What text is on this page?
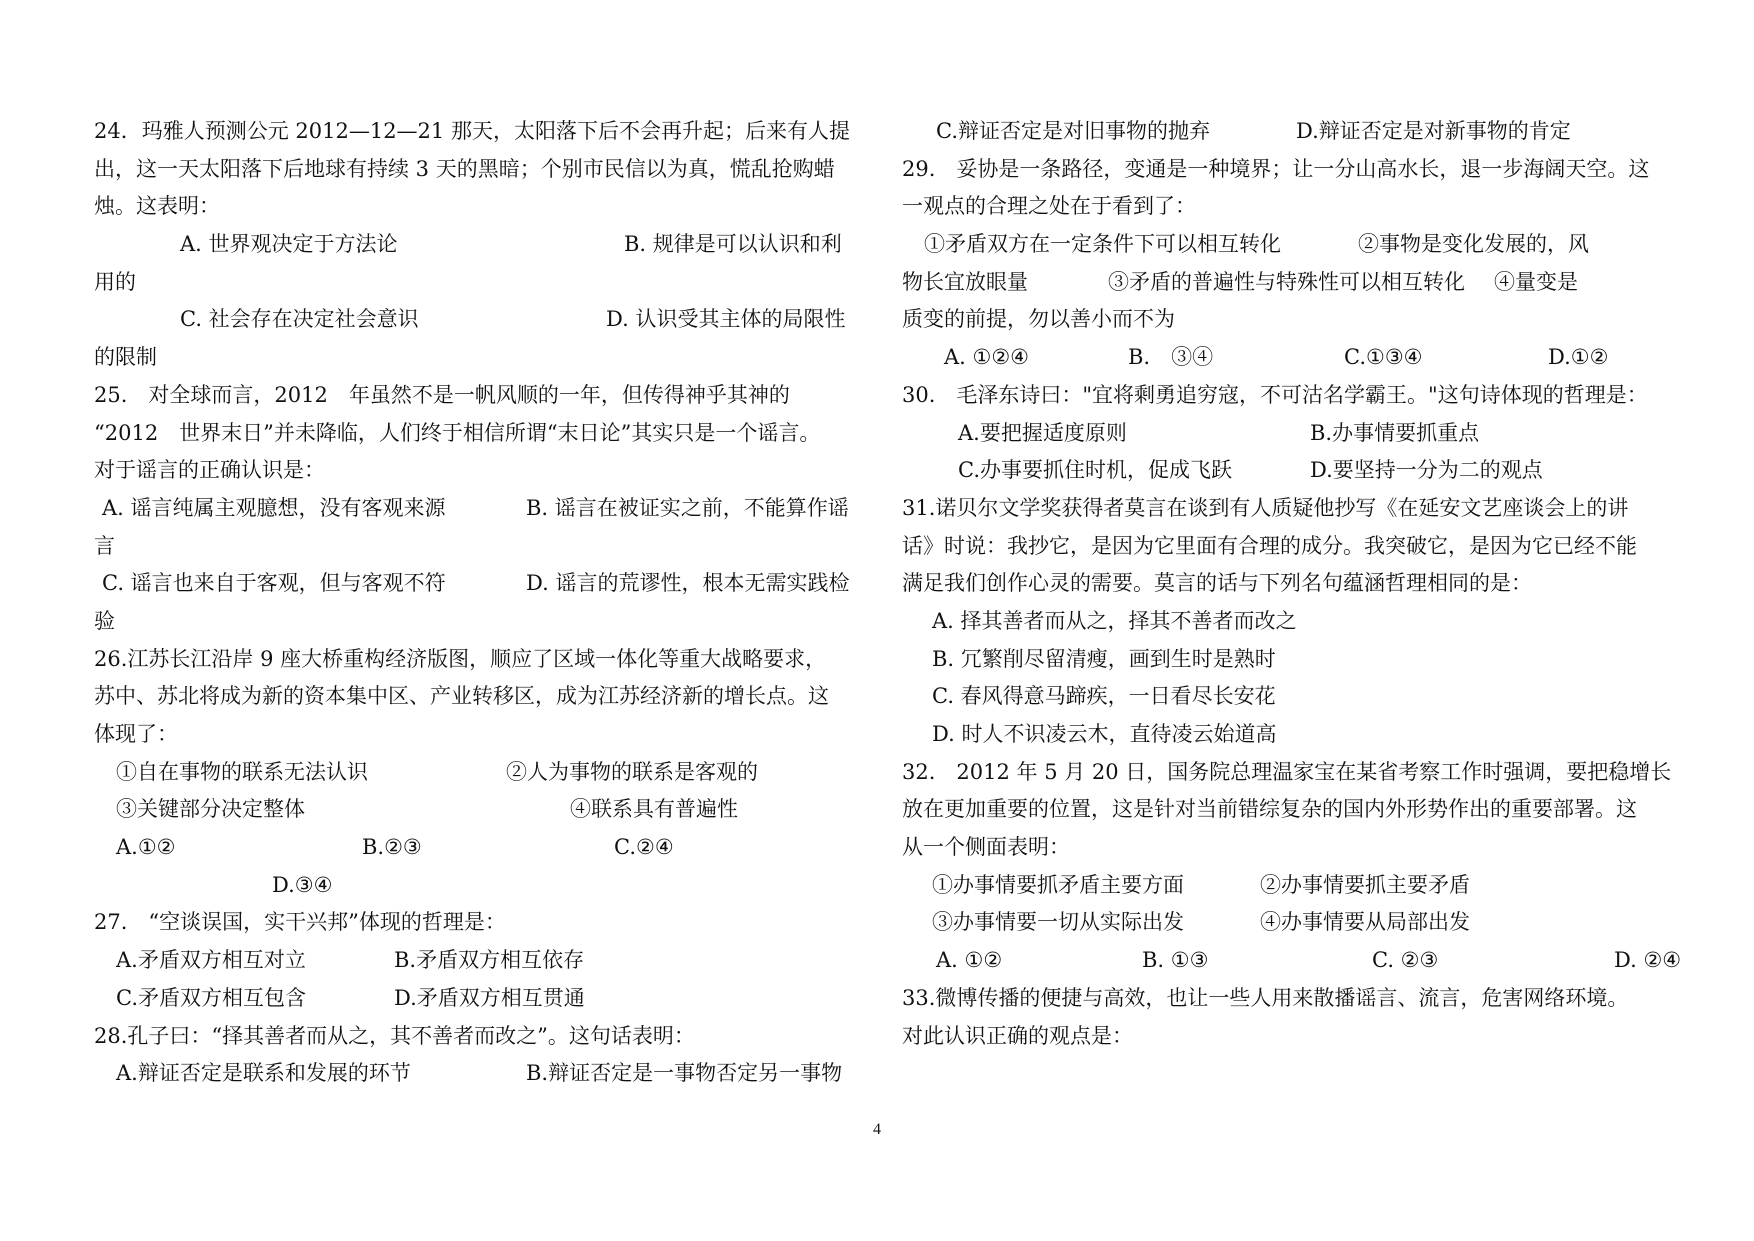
24．玛雅人预测公元 2012—12—21 那天，太阳落下后不会再升起；后来有人提
出，这一天太阳落下后地球有持续 3 天的黑暗；个别市民信以为真，慌乱抢购蜡
烛。这表明：
A. 世界观决定于方法论	B. 规律是可以认识和利
用的
C. 社会存在决定社会意识	D. 认识受其主体的局限性
的限制
25.　对全球而言，2012　年虽然不是一帆风顺的一年，但传得神乎其神的
“2012　世界末日”并未降临，人们终于相信所谓“末日论”其实只是一个谣言。
对于谣言的正确认识是：
A. 谣言纯属主观臆想，没有客观来源	B. 谣言在被证实之前，不能算作谣
言
C. 谣言也来自于客观，但与客观不符	D. 谣言的荒谬性，根本无需实践检
验
26.江苏长江沿岸 9 座大桥重构经济版图，顺应了区域一体化等重大战略要求，
苏中、苏北将成为新的资本集中区、产业转移区，成为江苏经济新的增长点。这
体现了：
①自在事物的联系无法认识	②人为事物的联系是客观的
③关键部分决定整体	④联系具有普遍性
A.①②	B.②③	C.②④
D.③④
27.　“空谈误国，实干兴邦”体现的哲理是：
A.矛盾双方相互对立	B.矛盾双方相互依存
C.矛盾双方相互包含	D.矛盾双方相互贯通
28.孔子曰：“择其善者而从之，其不善者而改之”。这句话表明：
A.辩证否定是联系和发展的环节	B.辩证否定是一事物否定另一事物
C.辩证否定是对旧事物的抛弃	D.辩证否定是对新事物的肯定
29.　妥协是一条路径，变通是一种境界；让一分山高水长，退一步海阔天空。这
一观点的合理之处在于看到了：
①矛盾双方在一定条件下可以相互转化	②事物是变化发展的，风
物长宜放眼量	③矛盾的普遍性与特殊性可以相互转化 ④量变是
质变的前提，勿以善小而不为
A. ①②④	B.　③④	C.①③④	D.①②
30.　毛泽东诗曰："宜将剩勇追穷寇，不可沽名学霸王。"这句诗体现的哲理是：
A.要把握适度原则	B.办事情要抓重点
C.办事要抓住时机，促成飞跃	D.要坚持一分为二的观点
31.诺贝尔文学奖获得者莫言在谈到有人质疑他抄写《在延安文艺座谈会上的讲
话》时说：我抄它，是因为它里面有合理的成分。我突破它，是因为它已经不能
满足我们创作心灵的需要。莫言的话与下列名句蕴涵哲理相同的是：
A. 择其善者而从之，择其不善者而改之
B. 冗繁削尽留清瘦，画到生时是熟时
C. 春风得意马蹄疾，一日看尽长安花
D. 时人不识凌云木，直待凌云始道高
32.　2012 年 5 月 20 日，国务院总理温家宝在某省考察工作时强调，要把稳增长
放在更加重要的位置，这是针对当前错综复杂的国内外形势作出的重要部署。这
从一个侧面表明：
①办事情要抓矛盾主要方面	②办事情要抓主要矛盾
③办事情要一切从实际出发	④办事情要从局部出发
A. ①②	B. ①③	C. ②③	D. ②④
33.微博传播的便捷与高效，也让一些人用来散播谣言、流言，危害网络环境。
对此认识正确的观点是：
4
